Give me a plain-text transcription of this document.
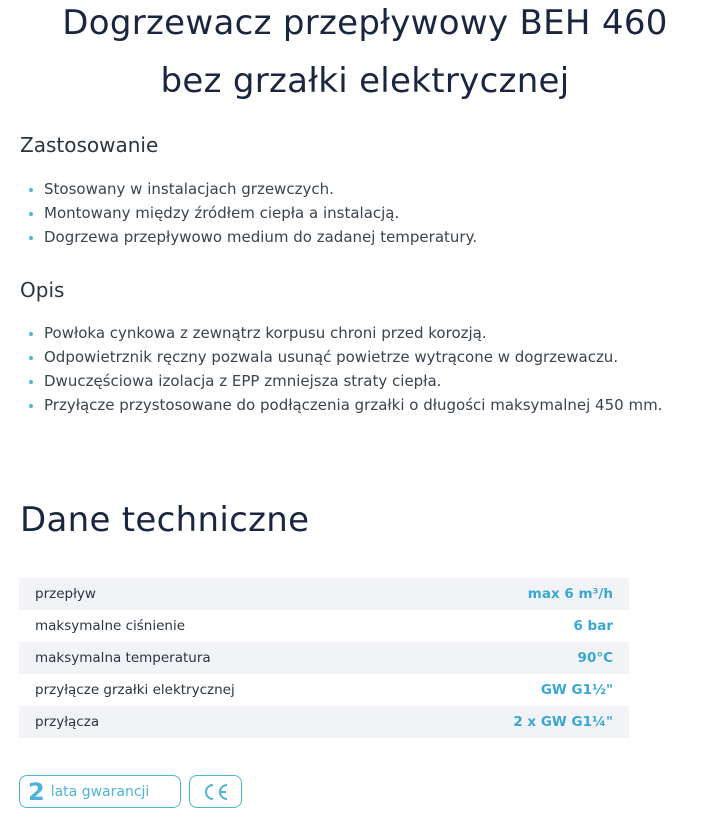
Dogrzewacz przepływowy BEH 460
bez grzałki elektrycznej
Zastosowanie
Stosowany w instalacjach grzewczych.
Montowany między źródłem ciepła a instalacją.
Dogrzewa przepływowo medium do zadanej temperatury.
Opis
Powłoka cynkowa z zewnątrz korpusu chroni przed korozją.
Odpowietrznik ręczny pozwala usunąć powietrze wytrącone w dogrzewaczu.
Dwuczęściowa izolacja z EPP zmniejsza straty ciepła.
Przyłącze przystosowane do podłączenia grzałki o długości maksymalnej 450 mm.
Dane techniczne
przepływ	max 6 m³/h
maksymalne ciśnienie	6 bar
maksymalna temperatura	90°C
przyłącze grzałki elektrycznej	GW G1½"
przyłącza	2 x GW G1¼"
2 lata gwarancji
